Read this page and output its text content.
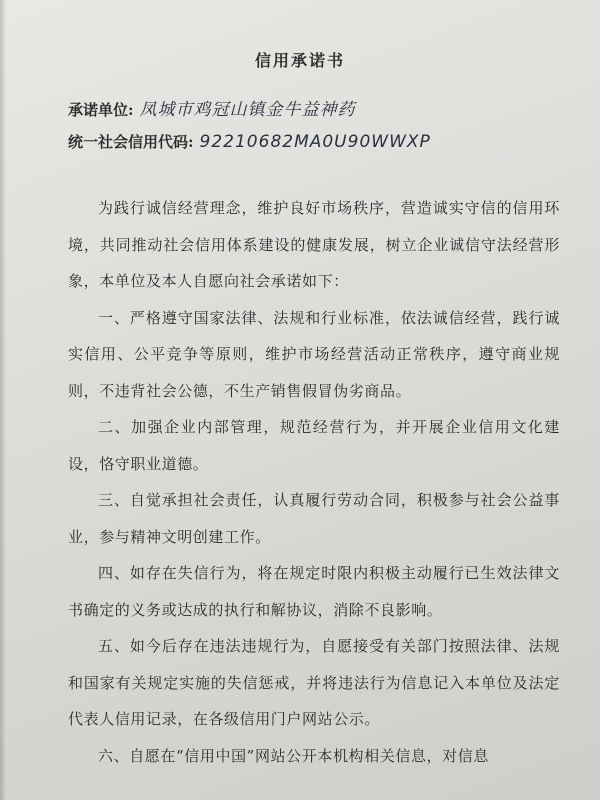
信用承诺书
承诺单位: 凤城市鸡冠山镇金牛益神药
统一社会信用代码: 92210682MA0U90WWXP

为践行诚信经营理念，维护良好市场秩序，营造诚实守信的信用环境，共同推动社会信用体系建设的健康发展，树立企业诚信守法经营形象，本单位及本人自愿向社会承诺如下：

一、严格遵守国家法律、法规和行业标准，依法诚信经营，践行诚实信用、公平竞争等原则，维护市场经营活动正常秩序，遵守商业规则，不违背社会公德，不生产销售假冒伪劣商品。

二、加强企业内部管理，规范经营行为，并开展企业信用文化建设，恪守职业道德。

三、自觉承担社会责任，认真履行劳动合同，积极参与社会公益事业，参与精神文明创建工作。

四、如存在失信行为，将在规定时限内积极主动履行已生效法律文书确定的义务或达成的执行和解协议，消除不良影响。

五、如今后存在违法违规行为，自愿接受有关部门按照法律、法规和国家有关规定实施的失信惩戒，并将违法行为信息记入本单位及法定代表人信用记录，在各级信用门户网站公示。

六、自愿在“信用中国”网站公开本机构相关信息，对信息
